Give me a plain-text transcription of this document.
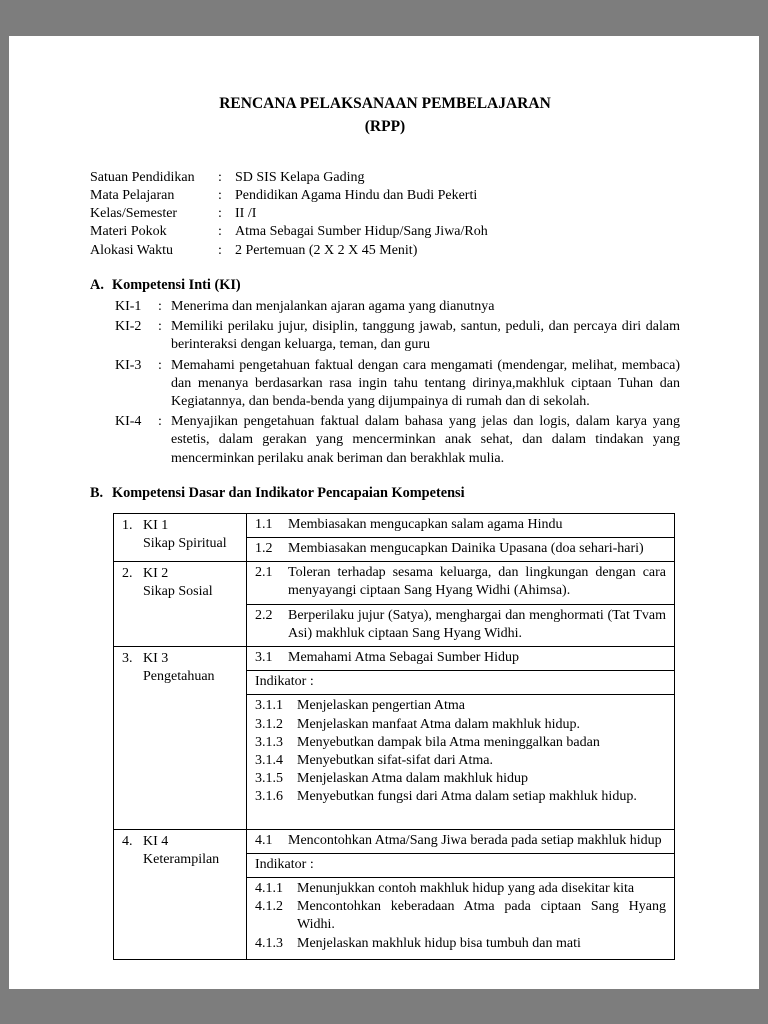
RENCANA PELAKSANAAN PEMBELAJARAN
(RPP)
Satuan Pendidikan	: SD SIS Kelapa Gading
Mata Pelajaran	: Pendidikan Agama Hindu dan Budi Pekerti
Kelas/Semester	: II /I
Materi Pokok	: Atma Sebagai Sumber Hidup/Sang Jiwa/Roh
Alokasi Waktu	: 2 Pertemuan (2 X 2 X 45 Menit)
A. Kompetensi Inti (KI)
KI-1	: Menerima dan menjalankan ajaran agama yang dianutnya
KI-2	: Memiliki perilaku jujur, disiplin, tanggung jawab, santun, peduli, dan percaya diri dalam berinteraksi dengan keluarga, teman, dan guru
KI-3	: Memahami pengetahuan faktual dengan cara mengamati (mendengar, melihat, membaca) dan menanya berdasarkan rasa ingin tahu tentang dirinya,makhluk ciptaan Tuhan dan Kegiatannya, dan benda-benda yang dijumpainya di rumah dan di sekolah.
KI-4	: Menyajikan pengetahuan faktual dalam bahasa yang jelas dan logis, dalam karya yang estetis, dalam gerakan yang mencerminkan anak sehat, dan dalam tindakan yang mencerminkan perilaku anak beriman dan berakhlak mulia.
B. Kompetensi Dasar dan Indikator Pencapaian Kompetensi
1. KI 1
Sikap Spiritual
1.1	Membiasakan mengucapkan salam agama Hindu
1.2	Membiasakan mengucapkan Dainika Upasana (doa sehari-hari)
2. KI 2
Sikap Sosial
2.1	Toleran terhadap sesama keluarga, dan lingkungan dengan cara menyayangi ciptaan Sang Hyang Widhi (Ahimsa).
2.2	Berperilaku jujur (Satya), menghargai dan menghormati (Tat Tvam Asi) makhluk ciptaan Sang Hyang Widhi.
3. KI 3
Pengetahuan
3.1	Memahami Atma Sebagai Sumber Hidup
Indikator :
3.1.1	Menjelaskan pengertian Atma
3.1.2	Menjelaskan manfaat Atma dalam makhluk hidup.
3.1.3	Menyebutkan dampak bila Atma meninggalkan badan
3.1.4	Menyebutkan sifat-sifat dari Atma.
3.1.5	Menjelaskan Atma dalam makhluk hidup
3.1.6	Menyebutkan fungsi dari Atma dalam setiap makhluk hidup.
4. KI 4
Keterampilan
4.1	Mencontohkan Atma/Sang Jiwa berada pada setiap makhluk hidup
Indikator :
4.1.1	Menunjukkan contoh makhluk hidup yang ada disekitar kita
4.1.2	Mencontohkan keberadaan Atma pada ciptaan Sang Hyang Widhi.
4.1.3	Menjelaskan makhluk hidup bisa tumbuh dan mati
